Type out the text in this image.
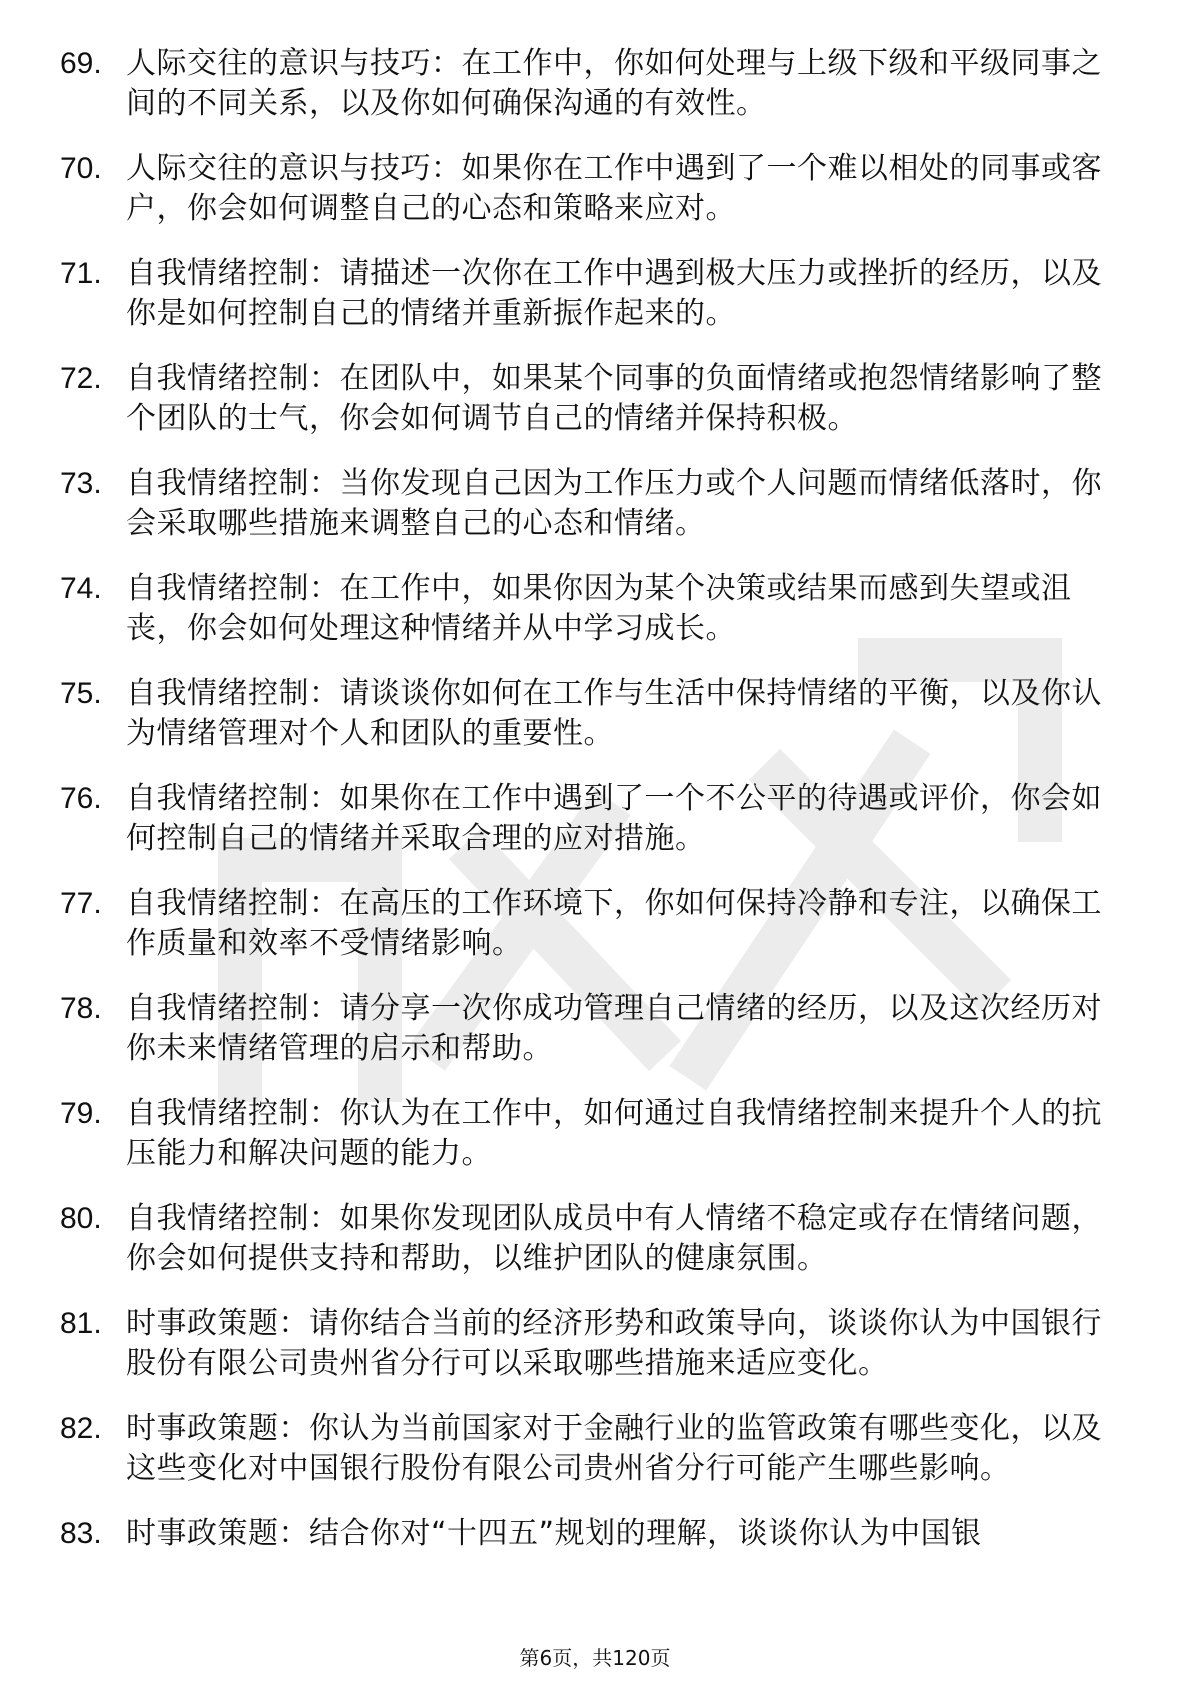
69. 人际交往的意识与技巧：在工作中，你如何处理与上级下级和平级同事之间的不同关系，以及你如何确保沟通的有效性。
70. 人际交往的意识与技巧：如果你在工作中遇到了一个难以相处的同事或客户，你会如何调整自己的心态和策略来应对。
71. 自我情绪控制：请描述一次你在工作中遇到极大压力或挫折的经历，以及你是如何控制自己的情绪并重新振作起来的。
72. 自我情绪控制：在团队中，如果某个同事的负面情绪或抱怨情绪影响了整个团队的士气，你会如何调节自己的情绪并保持积极。
73. 自我情绪控制：当你发现自己因为工作压力或个人问题而情绪低落时，你会采取哪些措施来调整自己的心态和情绪。
74. 自我情绪控制：在工作中，如果你因为某个决策或结果而感到失望或沮丧，你会如何处理这种情绪并从中学习成长。
75. 自我情绪控制：请谈谈你如何在工作与生活中保持情绪的平衡，以及你认为情绪管理对个人和团队的重要性。
76. 自我情绪控制：如果你在工作中遇到了一个不公平的待遇或评价，你会如何控制自己的情绪并采取合理的应对措施。
77. 自我情绪控制：在高压的工作环境下，你如何保持冷静和专注，以确保工作质量和效率不受情绪影响。
78. 自我情绪控制：请分享一次你成功管理自己情绪的经历，以及这次经历对你未来情绪管理的启示和帮助。
79. 自我情绪控制：你认为在工作中，如何通过自我情绪控制来提升个人的抗压能力和解决问题的能力。
80. 自我情绪控制：如果你发现团队成员中有人情绪不稳定或存在情绪问题，你会如何提供支持和帮助，以维护团队的健康氛围。
81. 时事政策题：请你结合当前的经济形势和政策导向，谈谈你认为中国银行股份有限公司贵州省分行可以采取哪些措施来适应变化。
82. 时事政策题：你认为当前国家对于金融行业的监管政策有哪些变化，以及这些变化对中国银行股份有限公司贵州省分行可能产生哪些影响。
83. 时事政策题：结合你对“十四五”规划的理解，谈谈你认为中国银
第6页，共120页
